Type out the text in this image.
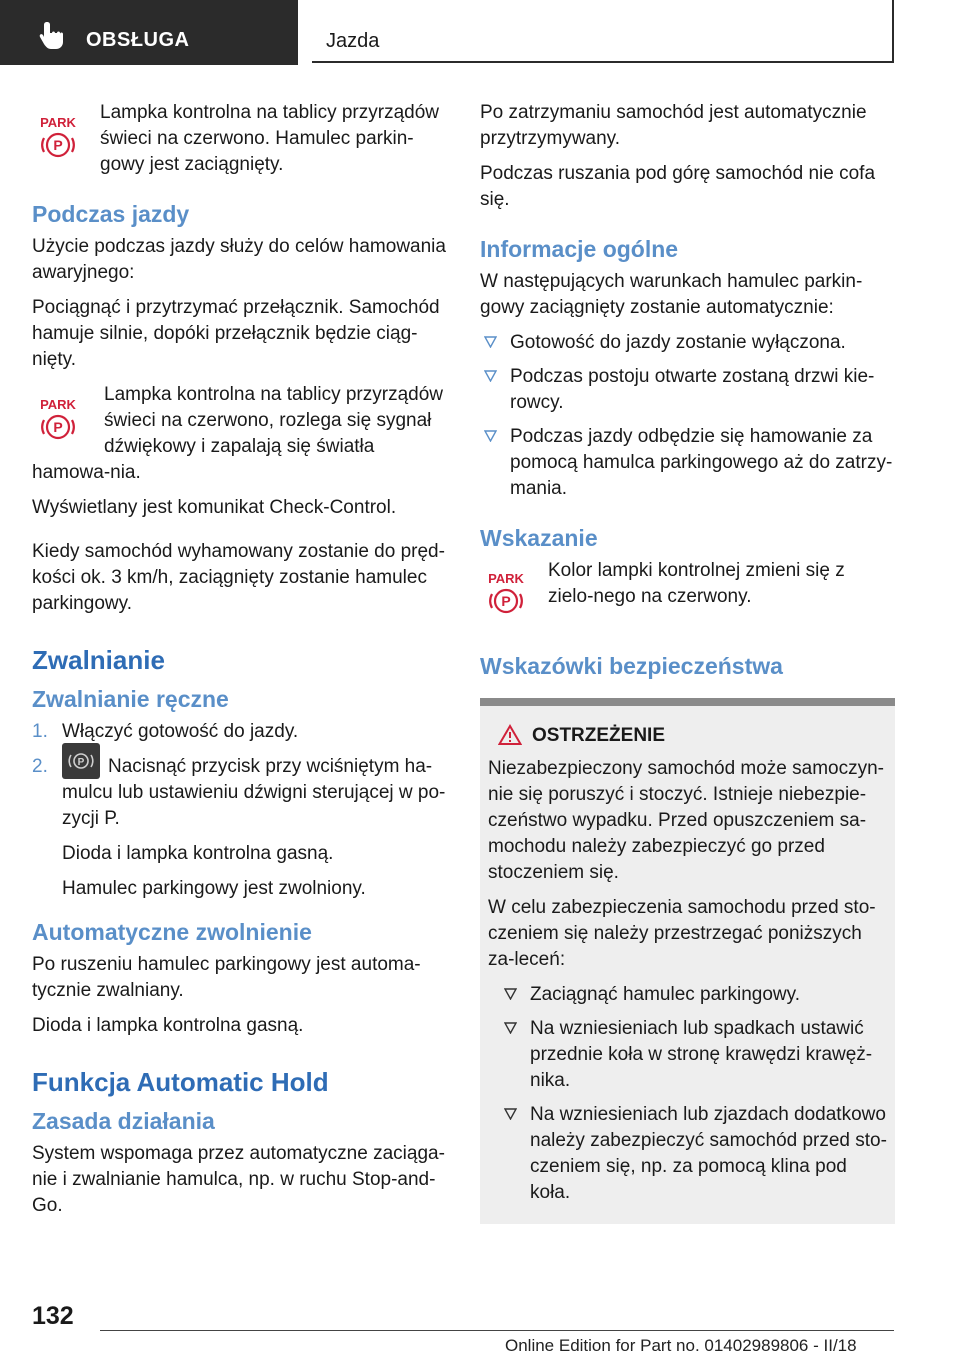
OBSŁUGA	Jazda
PARK
P

Lampka kontrolna na tablicy przyrządów świeci na czerwono. Hamulec parkin-gowy jest zaciągnięty.

Podczas jazdy

Użycie podczas jazdy służy do celów hamowania awaryjnego:

Pociągnąć i przytrzymać przełącznik. Samochód hamuje silnie, dopóki przełącznik będzie ciąg-nięty.

PARK
P

Lampka kontrolna na tablicy przyrządów świeci na czerwono, rozlega się sygnał dźwiękowy i zapalają się światła hamowa-nia.

Wyświetlany jest komunikat Check-Control.

Kiedy samochód wyhamowany zostanie do pręd-kości ok. 3 km/h, zaciągnięty zostanie hamulec parkingowy.

Zwalnianie
Zwalnianie ręczne
1. Włączyć gotowość do jazdy.
2.	P Nacisnąć przycisk przy wciśniętym ha-mulcu lub ustawieniu dźwigni sterującej w po-zycji P.

Dioda i lampka kontrolna gasną.

Hamulec parkingowy jest zwolniony.

Automatyczne zwolnienie

Po ruszeniu hamulec parkingowy jest automa-tycznie zwalniany.

Dioda i lampka kontrolna gasną.

Funkcja Automatic Hold
Zasada działania

System wspomaga przez automatyczne zaciąga-nie i zwalnianie hamulca, np. w ruchu Stop-and-Go.

Po zatrzymaniu samochód jest automatycznie przytrzymywany.

Podczas ruszania pod górę samochód nie cofa się.

Informacje ogólne

W następujących warunkach hamulec parkin-gowy zaciągnięty zostanie automatycznie:

Gotowość do jazdy zostanie wyłączona.
Podczas postoju otwarte zostaną drzwi kie-rowcy.
Podczas jazdy odbędzie się hamowanie za pomocą hamulca parkingowego aż do zatrzy-mania.
Wskazanie
PARK
P

Kolor lampki kontrolnej zmieni się z zielo-nego na czerwony.

Wskazówki bezpieczeństwa
OSTRZEŻENIE

Niezabezpieczony samochód może samoczyn-nie się poruszyć i stoczyć. Istnieje niebezpie-czeństwo wypadku. Przed opuszczeniem sa-mochodu należy zabezpieczyć go przed stoczeniem się.

W celu zabezpieczenia samochodu przed sto-czeniem się należy przestrzegać poniższych za-leceń:

Zaciągnąć hamulec parkingowy.
Na wzniesieniach lub spadkach ustawić przednie koła w stronę krawędzi krawęż-nika.
Na wzniesieniach lub zjazdach dodatkowo należy zabezpieczyć samochód przed sto-czeniem się, np. za pomocą klina pod koła.
132
Online Edition for Part no. 01402989806 - II/18
